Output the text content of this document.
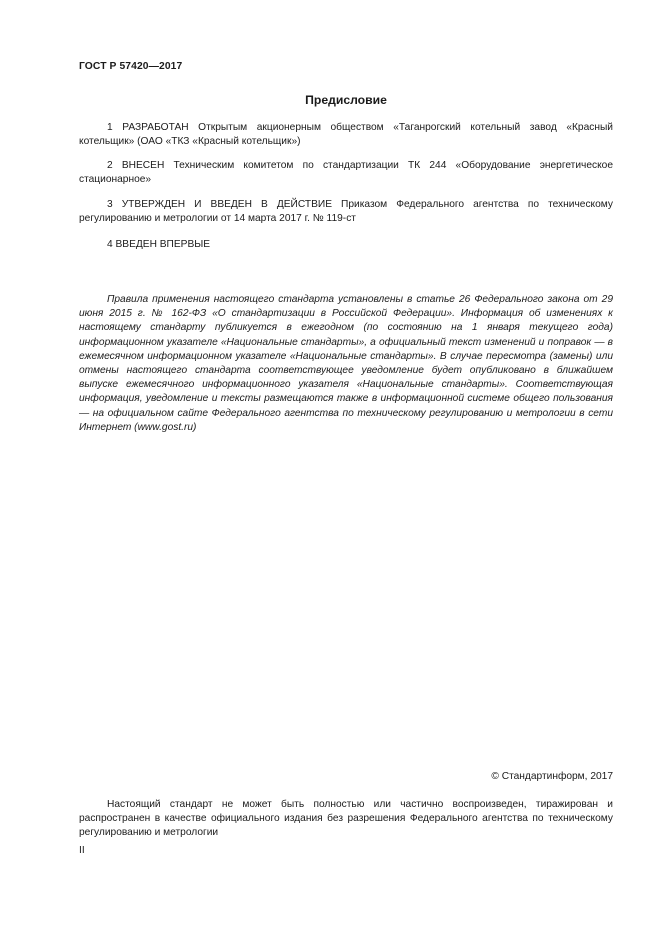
ГОСТ Р 57420—2017
Предисловие

1 РАЗРАБОТАН Открытым акционерным обществом «Таганрогский котельный завод «Красный котельщик» (ОАО «ТКЗ «Красный котельщик»)

2 ВНЕСЕН Техническим комитетом по стандартизации ТК 244 «Оборудование энергетическое стационарное»

3 УТВЕРЖДЕН И ВВЕДЕН В ДЕЙСТВИЕ Приказом Федерального агентства по техническому регулированию и метрологии от 14 марта 2017 г. № 119-ст

4 ВВЕДЕН ВПЕРВЫЕ

Правила применения настоящего стандарта установлены в статье 26 Федерального закона от 29 июня 2015 г. № 162-ФЗ «О стандартизации в Российской Федерации». Информация об изменениях к настоящему стандарту публикуется в ежегодном (по состоянию на 1 января текущего года) информационном указателе «Национальные стандарты», а официальный текст изменений и поправок — в ежемесячном информационном указателе «Национальные стандарты». В случае пересмотра (замены) или отмены настоящего стандарта соответствующее уведомление будет опубликовано в ближайшем выпуске ежемесячного информационного указателя «Национальные стандарты». Соответствующая информация, уведомление и тексты размещаются также в информационной системе общего пользования — на официальном сайте Федерального агентства по техническому регулированию и метрологии в сети Интернет (www.gost.ru)

© Стандартинформ, 2017

Настоящий стандарт не может быть полностью или частично воспроизведен, тиражирован и распространен в качестве официального издания без разрешения Федерального агентства по техническому регулированию и метрологии

II
